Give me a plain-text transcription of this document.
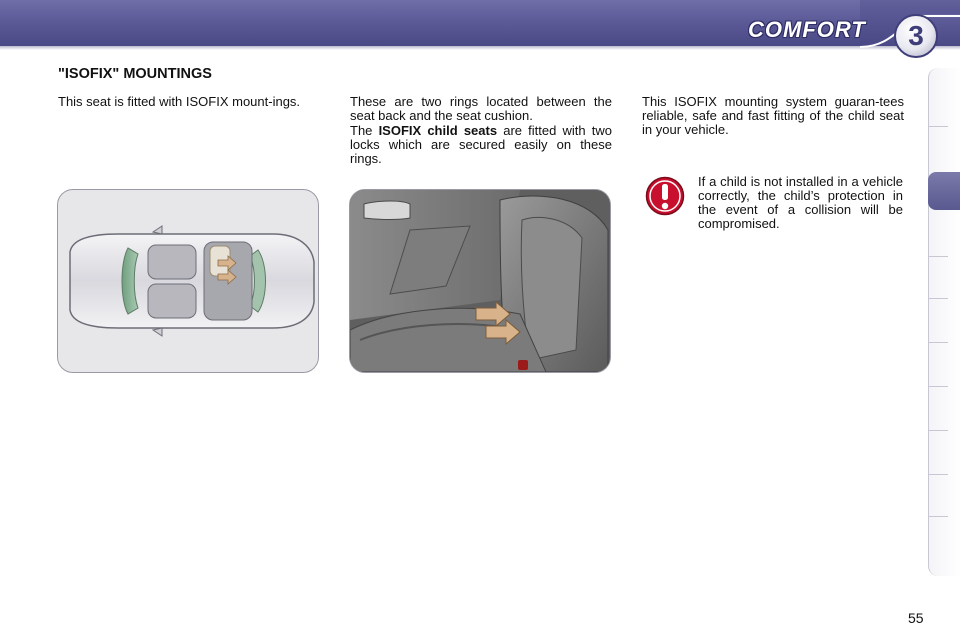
COMFORT	3
"ISOFIX" MOUNTINGS
This seat is fitted with ISOFIX mount-ings.	These are two rings located between the seat back and the seat cushion.
The ISOFIX child seats are fitted with two locks which are secured easily on these rings.
This ISOFIX mounting system guaran-tees reliable, safe and fast fitting of the child seat in your vehicle.
If a child is not installed in a vehicle correctly, the child’s protection in the event of a collision will be compromised.
55
